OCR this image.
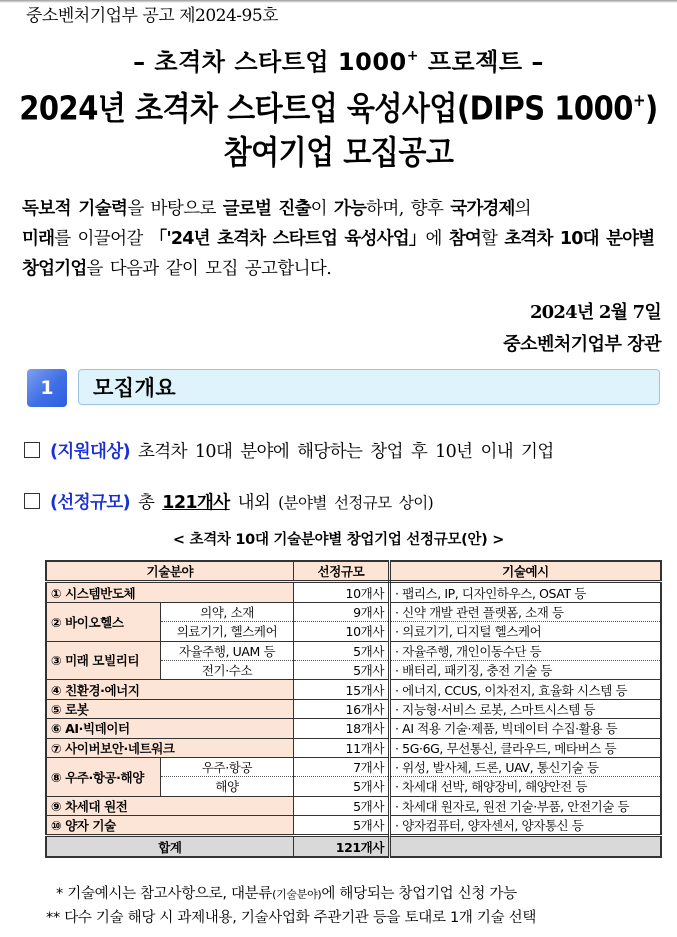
중소벤처기업부 공고 제2024-95호
– 초격차 스타트업 1000+ 프로젝트 –
2024년 초격차 스타트업 육성사업(DIPS 1000+)
참여기업 모집공고
독보적 기술력을 바탕으로 글로벌 진출이 가능하며, 향후 국가경제의
미래를 이끌어갈 「'24년 초격차 스타트업 육성사업」에 참여할 초격차 10대 분야별 창업기업을 다음과 같이 모집 공고합니다.
2024년 2월 7일
중소벤처기업부 장관
1	모집개요
(지원대상) 초격차 10대 분야에 해당하는 창업 후 10년 이내 기업
(선정규모) 총 121개사 내외 (분야별 선정규모 상이)
< 초격차 10대 기술분야별 창업기업 선정규모(안) >
기술분야		선정규모	기술예시
① 시스템반도체		10개사	· 팹리스, IP, 디자인하우스, OSAT 등
② 바이오헬스	의약, 소재	9개사	· 신약 개발 관련 플랫폼, 소재 등
	의료기기, 헬스케어	10개사	· 의료기기, 디지털 헬스케어
③ 미래 모빌리티	자율주행, UAM 등	5개사	· 자율주행, 개인이동수단 등
	전기·수소	5개사	· 배터리, 패키징, 충전 기술 등
④ 친환경·에너지		15개사	· 에너지, CCUS, 이차전지, 효율화 시스템 등
⑤ 로봇		16개사	· 지능형·서비스 로봇, 스마트시스템 등
⑥ AI·빅데이터		18개사	· AI 적용 기술·제품, 빅데이터 수집·활용 등
⑦ 사이버보안·네트워크		11개사	· 5G·6G, 무선통신, 클라우드, 메타버스 등
⑧ 우주·항공·해양	우주·항공	7개사	· 위성, 발사체, 드론, UAV, 통신기술 등
	해양	5개사	· 차세대 선박, 해양장비, 해양안전 등
⑨ 차세대 원전		5개사	· 차세대 원자로, 원전 기술·부품, 안전기술 등
⑩ 양자 기술		5개사	· 양자컴퓨터, 양자센서, 양자통신 등
합계		121개사	
* 기술예시는 참고사항으로, 대분류(기술분야)에 해당되는 창업기업 신청 가능
** 다수 기술 해당 시 과제내용, 기술사업화 주관기관 등을 토대로 1개 기술 선택
